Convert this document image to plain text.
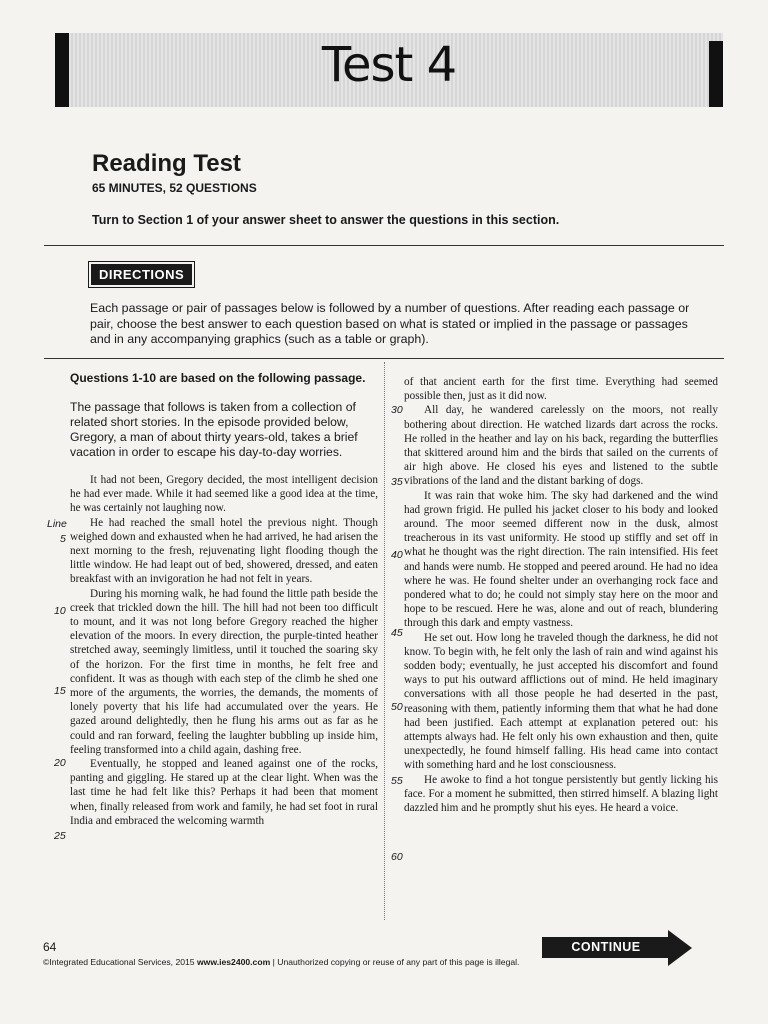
Test 4
Reading Test
65 MINUTES, 52 QUESTIONS
Turn to Section 1 of your answer sheet to answer the questions in this section.
DIRECTIONS
Each passage or pair of passages below is followed by a number of questions. After reading each passage or pair, choose the best answer to each question based on what is stated or implied in the passage or passages and in any accompanying graphics (such as a table or graph).
Questions 1-10 are based on the following passage.
The passage that follows is taken from a collection of related short stories. In the episode provided below, Gregory, a man of about thirty years-old, takes a brief vacation in order to escape his day-to-day worries.

It had not been, Gregory decided, the most intelligent decision he had ever made. While it had seemed like a good idea at the time, he was certainly not laughing now.

He had reached the small hotel the previous night. Though weighed down and exhausted when he had arrived, he had arisen the next morning to the fresh, rejuvenating light flooding though the little window. He had leapt out of bed, showered, dressed, and eaten breakfast with an invigoration he had not felt in years.

During his morning walk, he had found the little path beside the creek that trickled down the hill. The hill had not been too difficult to mount, and it was not long before Gregory reached the higher elevation of the moors. In every direction, the purple-tinted heather stretched away, seemingly limitless, until it touched the soaring sky of the horizon. For the first time in months, he felt free and confident. It was as though with each step of the climb he shed one more of the arguments, the worries, the demands, the moments of lonely poverty that his life had accumulated over the years. He gazed around delightedly, then he flung his arms out as far as he could and ran forward, feeling the laughter bubbling up inside him, feeling transformed into a child again, dashing free.

Eventually, he stopped and leaned against one of the rocks, panting and giggling. He stared up at the clear light. When was the last time he had felt like this? Perhaps it had been that moment when, finally released from work and family, he had set foot in rural India and embraced the welcoming warmth

of that ancient earth for the first time. Everything had seemed possible then, just as it did now.

All day, he wandered carelessly on the moors, not really bothering about direction. He watched lizards dart across the rocks. He rolled in the heather and lay on his back, regarding the butterflies that skittered around him and the birds that sailed on the currents of air high above. He closed his eyes and listened to the subtle vibrations of the land and the distant barking of dogs.

It was rain that woke him. The sky had darkened and the wind had grown frigid. He pulled his jacket closer to his body and looked around. The moor seemed different now in the dusk, almost treacherous in its vast uniformity. He stood up stiffly and set off in what he thought was the right direction. The rain intensified. His feet and hands were numb. He stopped and peered around. He had no idea where he was. He found shelter under an overhanging rock face and pondered what to do; he could not simply stay here on the moor and hope to be rescued. Here he was, alone and out of reach, blundering through this dark and empty vastness.

He set out. How long he traveled though the darkness, he did not know. To begin with, he felt only the lash of rain and wind against his sodden body; eventually, he just accepted his discomfort and found ways to put his outward afflictions out of mind. He held imaginary conversations with all those people he had deserted in the past, reasoning with them, patiently informing them that what he had done had been justified. Each attempt at explanation petered out: his attempts always had. He felt only his own exhaustion and then, quite unexpectedly, he found himself falling. His head came into contact with something hard and he lost consciousness.

He awoke to find a hot tongue persistently but gently licking his face. For a moment he submitted, then stirred himself. A blazing light dazzled him and he promptly shut his eyes. He heard a voice.

Line
5
10
15
20
25
30
35
40
45
50
55
60
64
©Integrated Educational Services, 2015 www.ies2400.com | Unauthorized copying or reuse of any part of this page is illegal.
CONTINUE
